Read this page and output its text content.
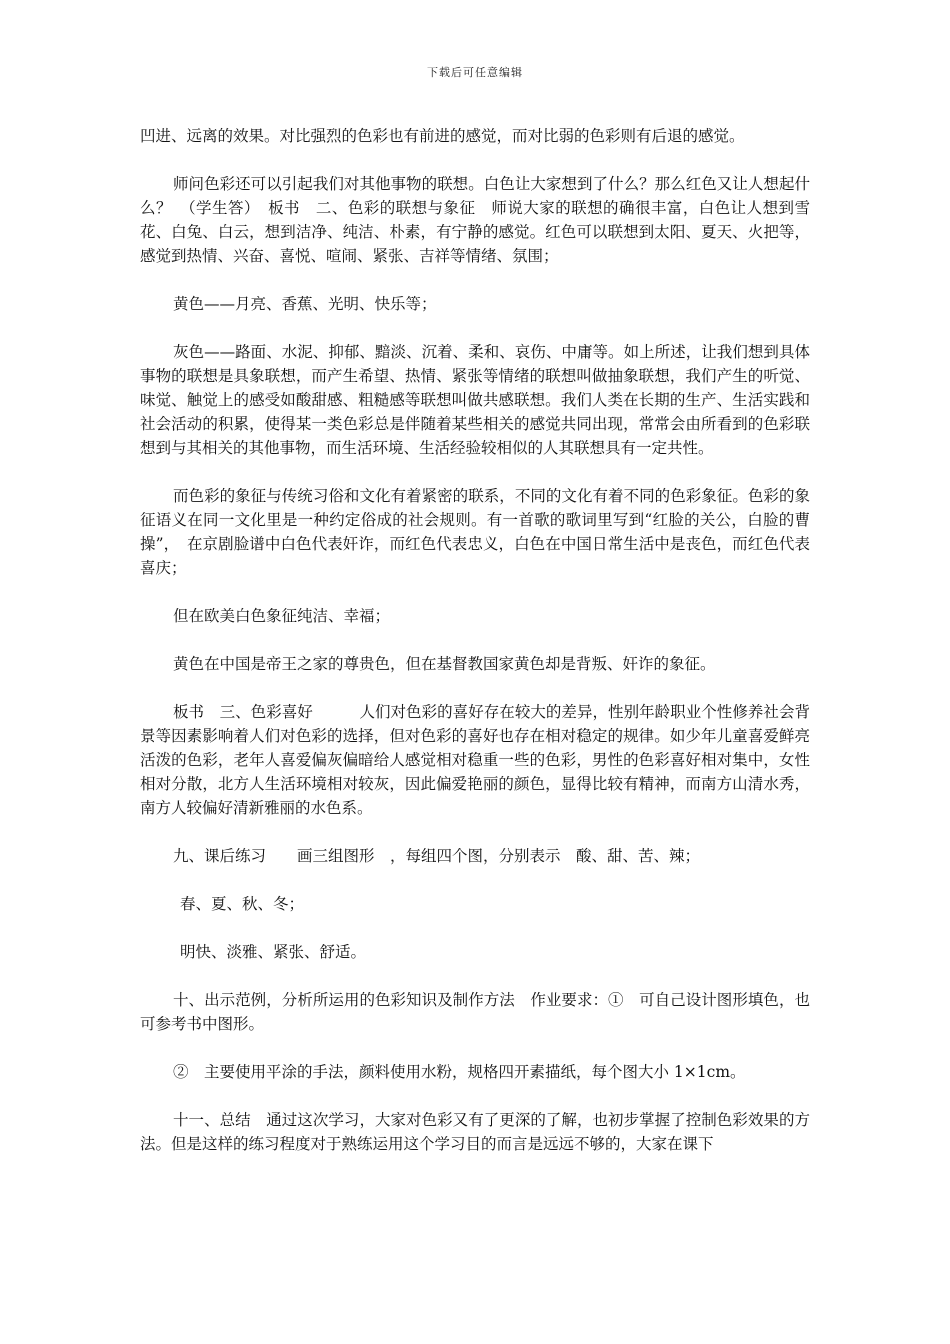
下载后可任意编辑

凹进、远离的效果。对比强烈的色彩也有前进的感觉，而对比弱的色彩则有后退的感觉。

师问色彩还可以引起我们对其他事物的联想。白色让大家想到了什么？那么红色又让人想起什么？　（学生答）　板书　二、色彩的联想与象征　师说大家的联想的确很丰富，白色让人想到雪花、白兔、白云，想到洁净、纯洁、朴素，有宁静的感觉。红色可以联想到太阳、夏天、火把等，感觉到热情、兴奋、喜悦、喧闹、紧张、吉祥等情绪、氛围；

黄色——月亮、香蕉、光明、快乐等；

灰色——路面、水泥、抑郁、黯淡、沉着、柔和、哀伤、中庸等。如上所述，让我们想到具体事物的联想是具象联想，而产生希望、热情、紧张等情绪的联想叫做抽象联想，我们产生的听觉、味觉、触觉上的感受如酸甜感、粗糙感等联想叫做共感联想。我们人类在长期的生产、生活实践和社会活动的积累，使得某一类色彩总是伴随着某些相关的感觉共同出现，常常会由所看到的色彩联想到与其相关的其他事物，而生活环境、生活经验较相似的人其联想具有一定共性。

而色彩的象征与传统习俗和文化有着紧密的联系，不同的文化有着不同的色彩象征。色彩的象征语义在同一文化里是一种约定俗成的社会规则。有一首歌的歌词里写到“红脸的关公，白脸的曹操”，　在京剧脸谱中白色代表奸诈，而红色代表忠义，白色在中国日常生活中是丧色，而红色代表喜庆；

但在欧美白色象征纯洁、幸福；

黄色在中国是帝王之家的尊贵色，但在基督教国家黄色却是背叛、奸诈的象征。

板书　三、色彩喜好　　　人们对色彩的喜好存在较大的差异，性别年龄职业个性修养社会背景等因素影响着人们对色彩的选择，但对色彩的喜好也存在相对稳定的规律。如少年儿童喜爱鲜亮活泼的色彩，老年人喜爱偏灰偏暗给人感觉相对稳重一些的色彩，男性的色彩喜好相对集中，女性相对分散，北方人生活环境相对较灰，因此偏爱艳丽的颜色，显得比较有精神，而南方山清水秀，南方人较偏好清新雅丽的水色系。

九、课后练习　　画三组图形　，每组四个图，分别表示　酸、甜、苦、辣；

春、夏、秋、冬；

明快、淡雅、紧张、舒适。

十、出示范例，分析所运用的色彩知识及制作方法　作业要求：①　可自己设计图形填色，也可参考书中图形。

②　主要使用平涂的手法，颜料使用水粉，规格四开素描纸，每个图大小 1×1cm。

十一、总结　通过这次学习，大家对色彩又有了更深的了解，也初步掌握了控制色彩效果的方法。但是这样的练习程度对于熟练运用这个学习目的而言是远远不够的，大家在课下
